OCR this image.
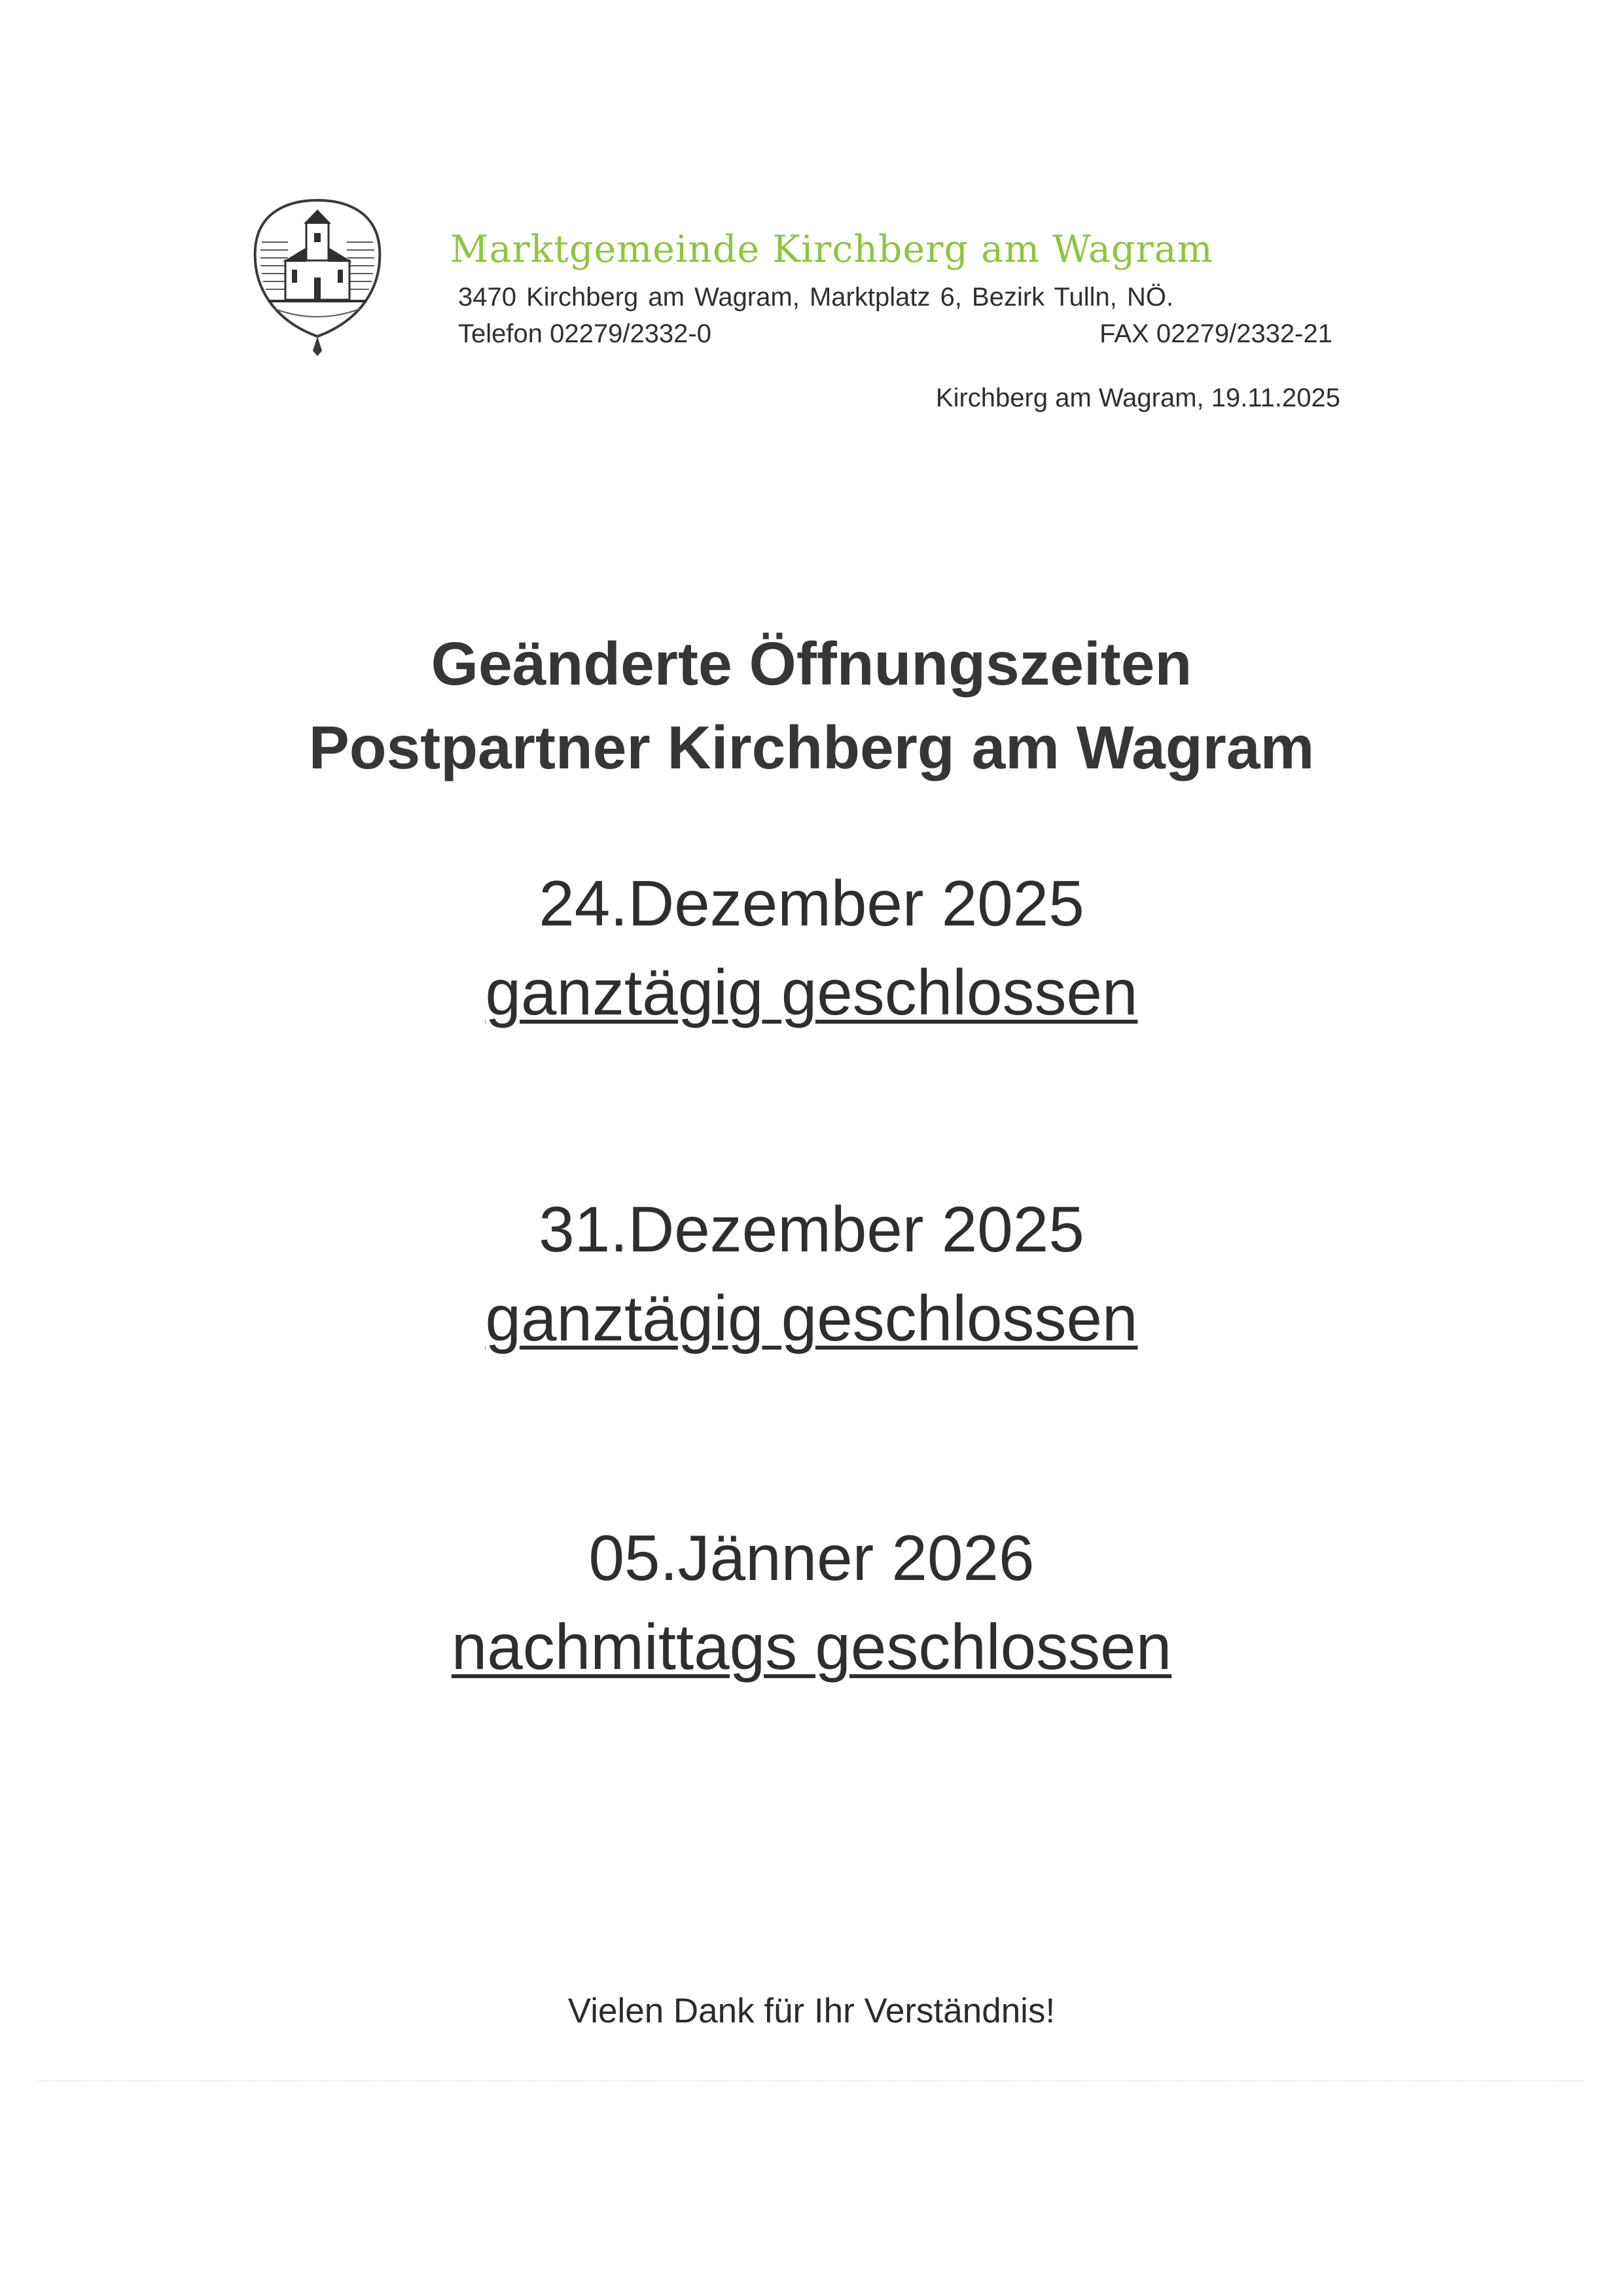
Marktgemeinde Kirchberg am Wagram
3470 Kirchberg am Wagram, Marktplatz 6, Bezirk Tulln, NÖ.
Telefon 02279/2332-0	FAX 02279/2332-21
Kirchberg am Wagram, 19.11.2025
Geänderte Öffnungszeiten
Postpartner Kirchberg am Wagram
24.Dezember 2025
ganztägig geschlossen
31.Dezember 2025
ganztägig geschlossen
05.Jänner 2026
nachmittags geschlossen
Vielen Dank für Ihr Verständnis!
